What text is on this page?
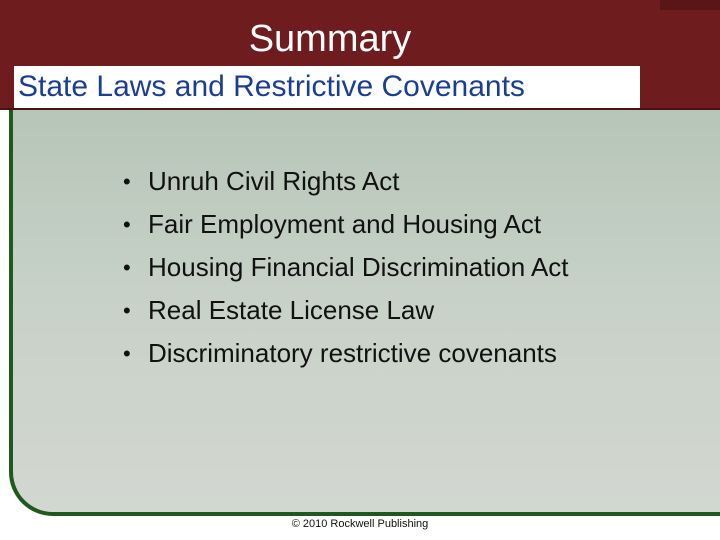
Summary
State Laws and Restrictive Covenants
• Unruh Civil Rights Act
• Fair Employment and Housing Act
• Housing Financial Discrimination Act
• Real Estate License Law
• Discriminatory restrictive covenants
© 2010 Rockwell Publishing
